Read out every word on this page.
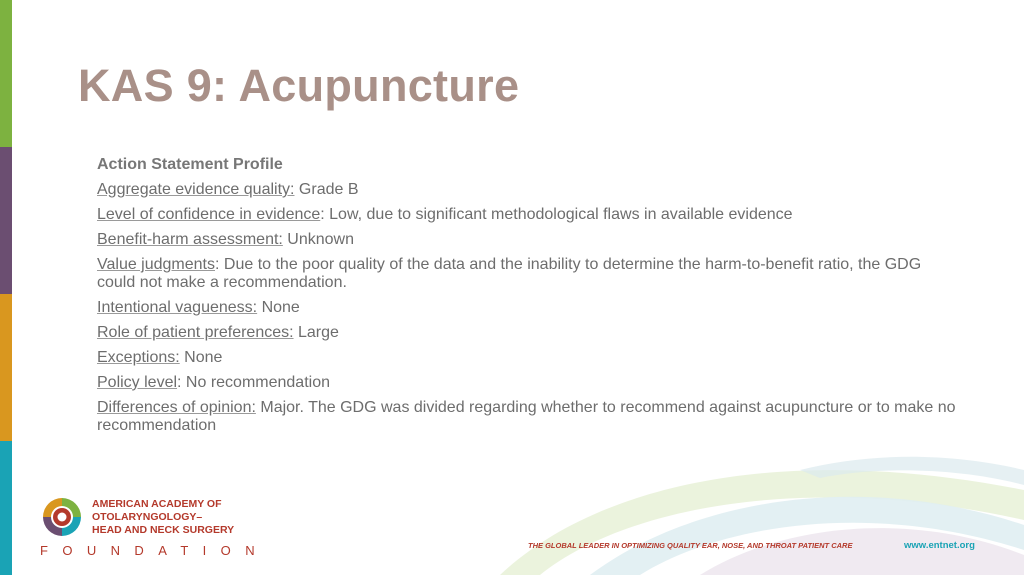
KAS 9: Acupuncture
Action Statement Profile
Aggregate evidence quality: Grade B
Level of confidence in evidence: Low, due to significant methodological flaws in available evidence
Benefit-harm assessment: Unknown
Value judgments: Due to the poor quality of the data and the inability to determine the harm-to-benefit ratio, the GDG could not make a recommendation.
Intentional vagueness: None
Role of patient preferences: Large
Exceptions: None
Policy level: No recommendation
Differences of opinion: Major. The GDG was divided regarding whether to recommend against acupuncture or to make no recommendation
AMERICAN ACADEMY OF
OTOLARYNGOLOGY–
HEAD AND NECK SURGERY
FOUNDATION	THE GLOBAL LEADER IN OPTIMIZING QUALITY EAR, NOSE, AND THROAT PATIENT CARE	www.entnet.org
